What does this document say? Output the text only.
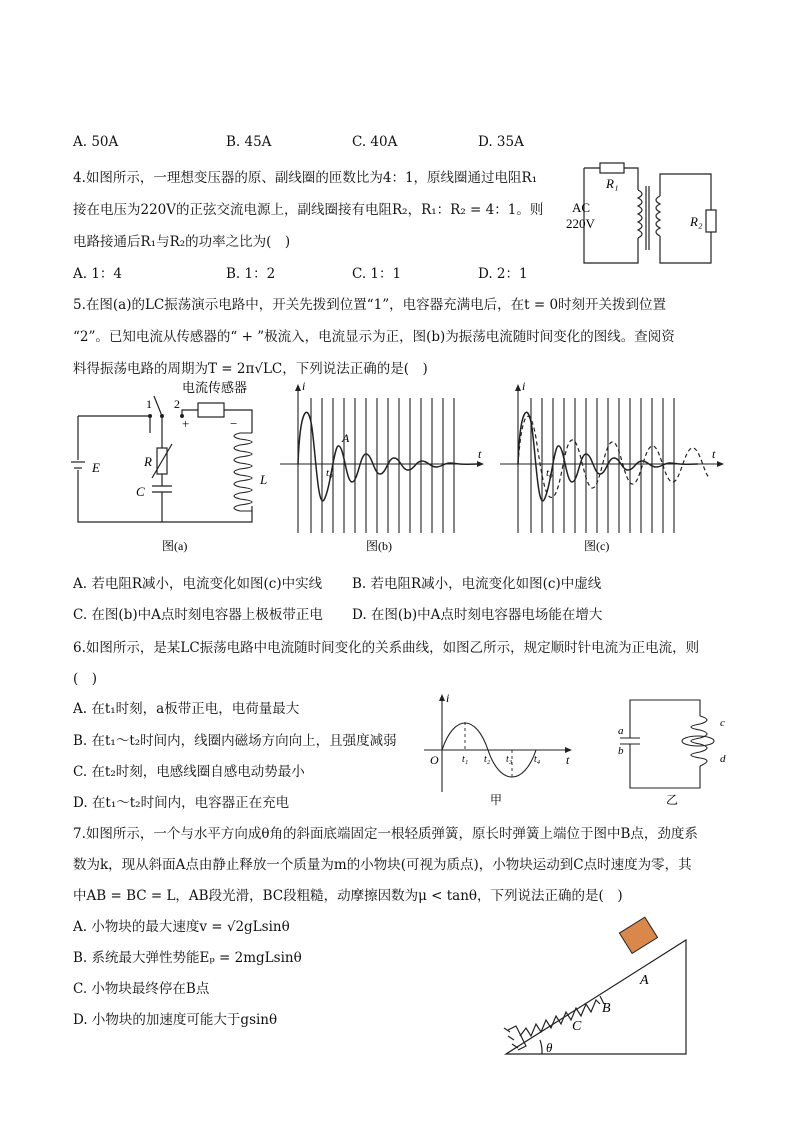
A. 50A	B. 45A	C. 40A	D. 35A
4.如图所示，一理想变压器的原、副线圈的匝数比为4：1，原线圈通过电阻R₁
接在电压为220V的正弦交流电源上，副线圈接有电阻R₂，R₁：R₂ = 4：1。则
电路接通后R₁与R₂的功率之比为(　)
A. 1：4	B. 1：2	C. 1：1	D. 2：1
R₁
AC
220V	R₂
5.在图(a)的LC振荡演示电路中，开关先拨到位置“1”，电容器充满电后，在t = 0时刻开关拨到位置
“2”。已知电流从传感器的“ + ”极流入，电流显示为正，图(b)为振荡电流随时间变化的图线。查阅资
料得振荡电路的周期为T = 2π√LC，下列说法正确的是(　)
电流传感器
1 2
+	−
E	R
C
L
图(a)
i
t
A
t₀
图(b)
i
t
t₀
图(c)
A. 若电阻R减小，电流变化如图(c)中实线 B. 若电阻R减小，电流变化如图(c)中虚线
C. 在图(b)中A点时刻电容器上极板带正电 D. 在图(b)中A点时刻电容器电场能在增大
6.如图所示，是某LC振荡电路中电流随时间变化的关系曲线，如图乙所示，规定顺时针电流为正电流，则
(　)
A. 在t₁时刻，a板带正电，电荷量最大
B. 在t₁～t₂时间内，线圈内磁场方向向上，且强度减弱
C. 在t₂时刻，电感线圈自感电动势最小
D. 在t₁～t₂时间内，电容器正在充电
i
t
O t₁ t₂ t₃ t₄
甲
a
b
c
d
乙
7.如图所示，一个与水平方向成θ角的斜面底端固定一根轻质弹簧，原长时弹簧上端位于图中B点，劲度系
数为k，现从斜面A点由静止释放一个质量为m的小物块(可视为质点)，小物块运动到C点时速度为零，其
中AB = BC = L，AB段光滑，BC段粗糙，动摩擦因数为μ < tanθ，下列说法正确的是(　)
A. 小物块的最大速度v = √2gLsinθ
B. 系统最大弹性势能Eₚ = 2mgLsinθ
C. 小物块最终停在B点
D. 小物块的加速度可能大于gsinθ
A
B
C
θ
